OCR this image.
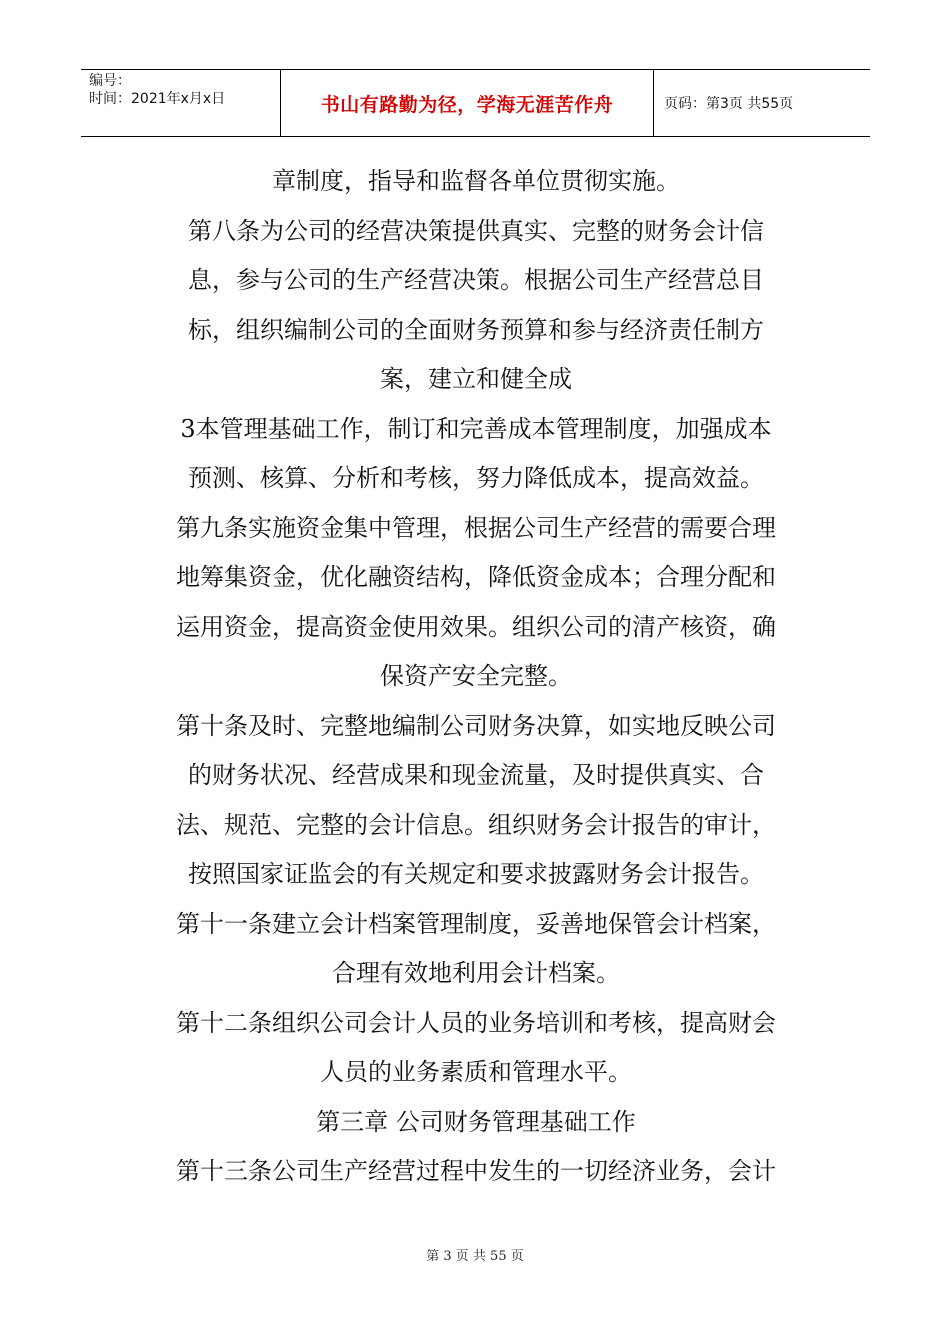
编号：
时间：2021年x月x日	书山有路勤为径，学海无涯苦作舟	页码：第3页 共55页

章制度，指导和监督各单位贯彻实施。

第八条为公司的经营决策提供真实、完整的财务会计信

息，参与公司的生产经营决策。根据公司生产经营总目

标，组织编制公司的全面财务预算和参与经济责任制方

案，建立和健全成

3本管理基础工作，制订和完善成本管理制度，加强成本

预测、核算、分析和考核，努力降低成本，提高效益。

第九条实施资金集中管理，根据公司生产经营的需要合理

地筹集资金，优化融资结构，降低资金成本；合理分配和

运用资金，提高资金使用效果。组织公司的清产核资，确

保资产安全完整。

第十条及时、完整地编制公司财务决算，如实地反映公司

的财务状况、经营成果和现金流量，及时提供真实、合

法、规范、完整的会计信息。组织财务会计报告的审计，

按照国家证监会的有关规定和要求披露财务会计报告。

第十一条建立会计档案管理制度，妥善地保管会计档案，

合理有效地利用会计档案。

第十二条组织公司会计人员的业务培训和考核，提高财会

人员的业务素质和管理水平。

第三章 公司财务管理基础工作

第十三条公司生产经营过程中发生的一切经济业务，会计

第 3 页 共 55 页
